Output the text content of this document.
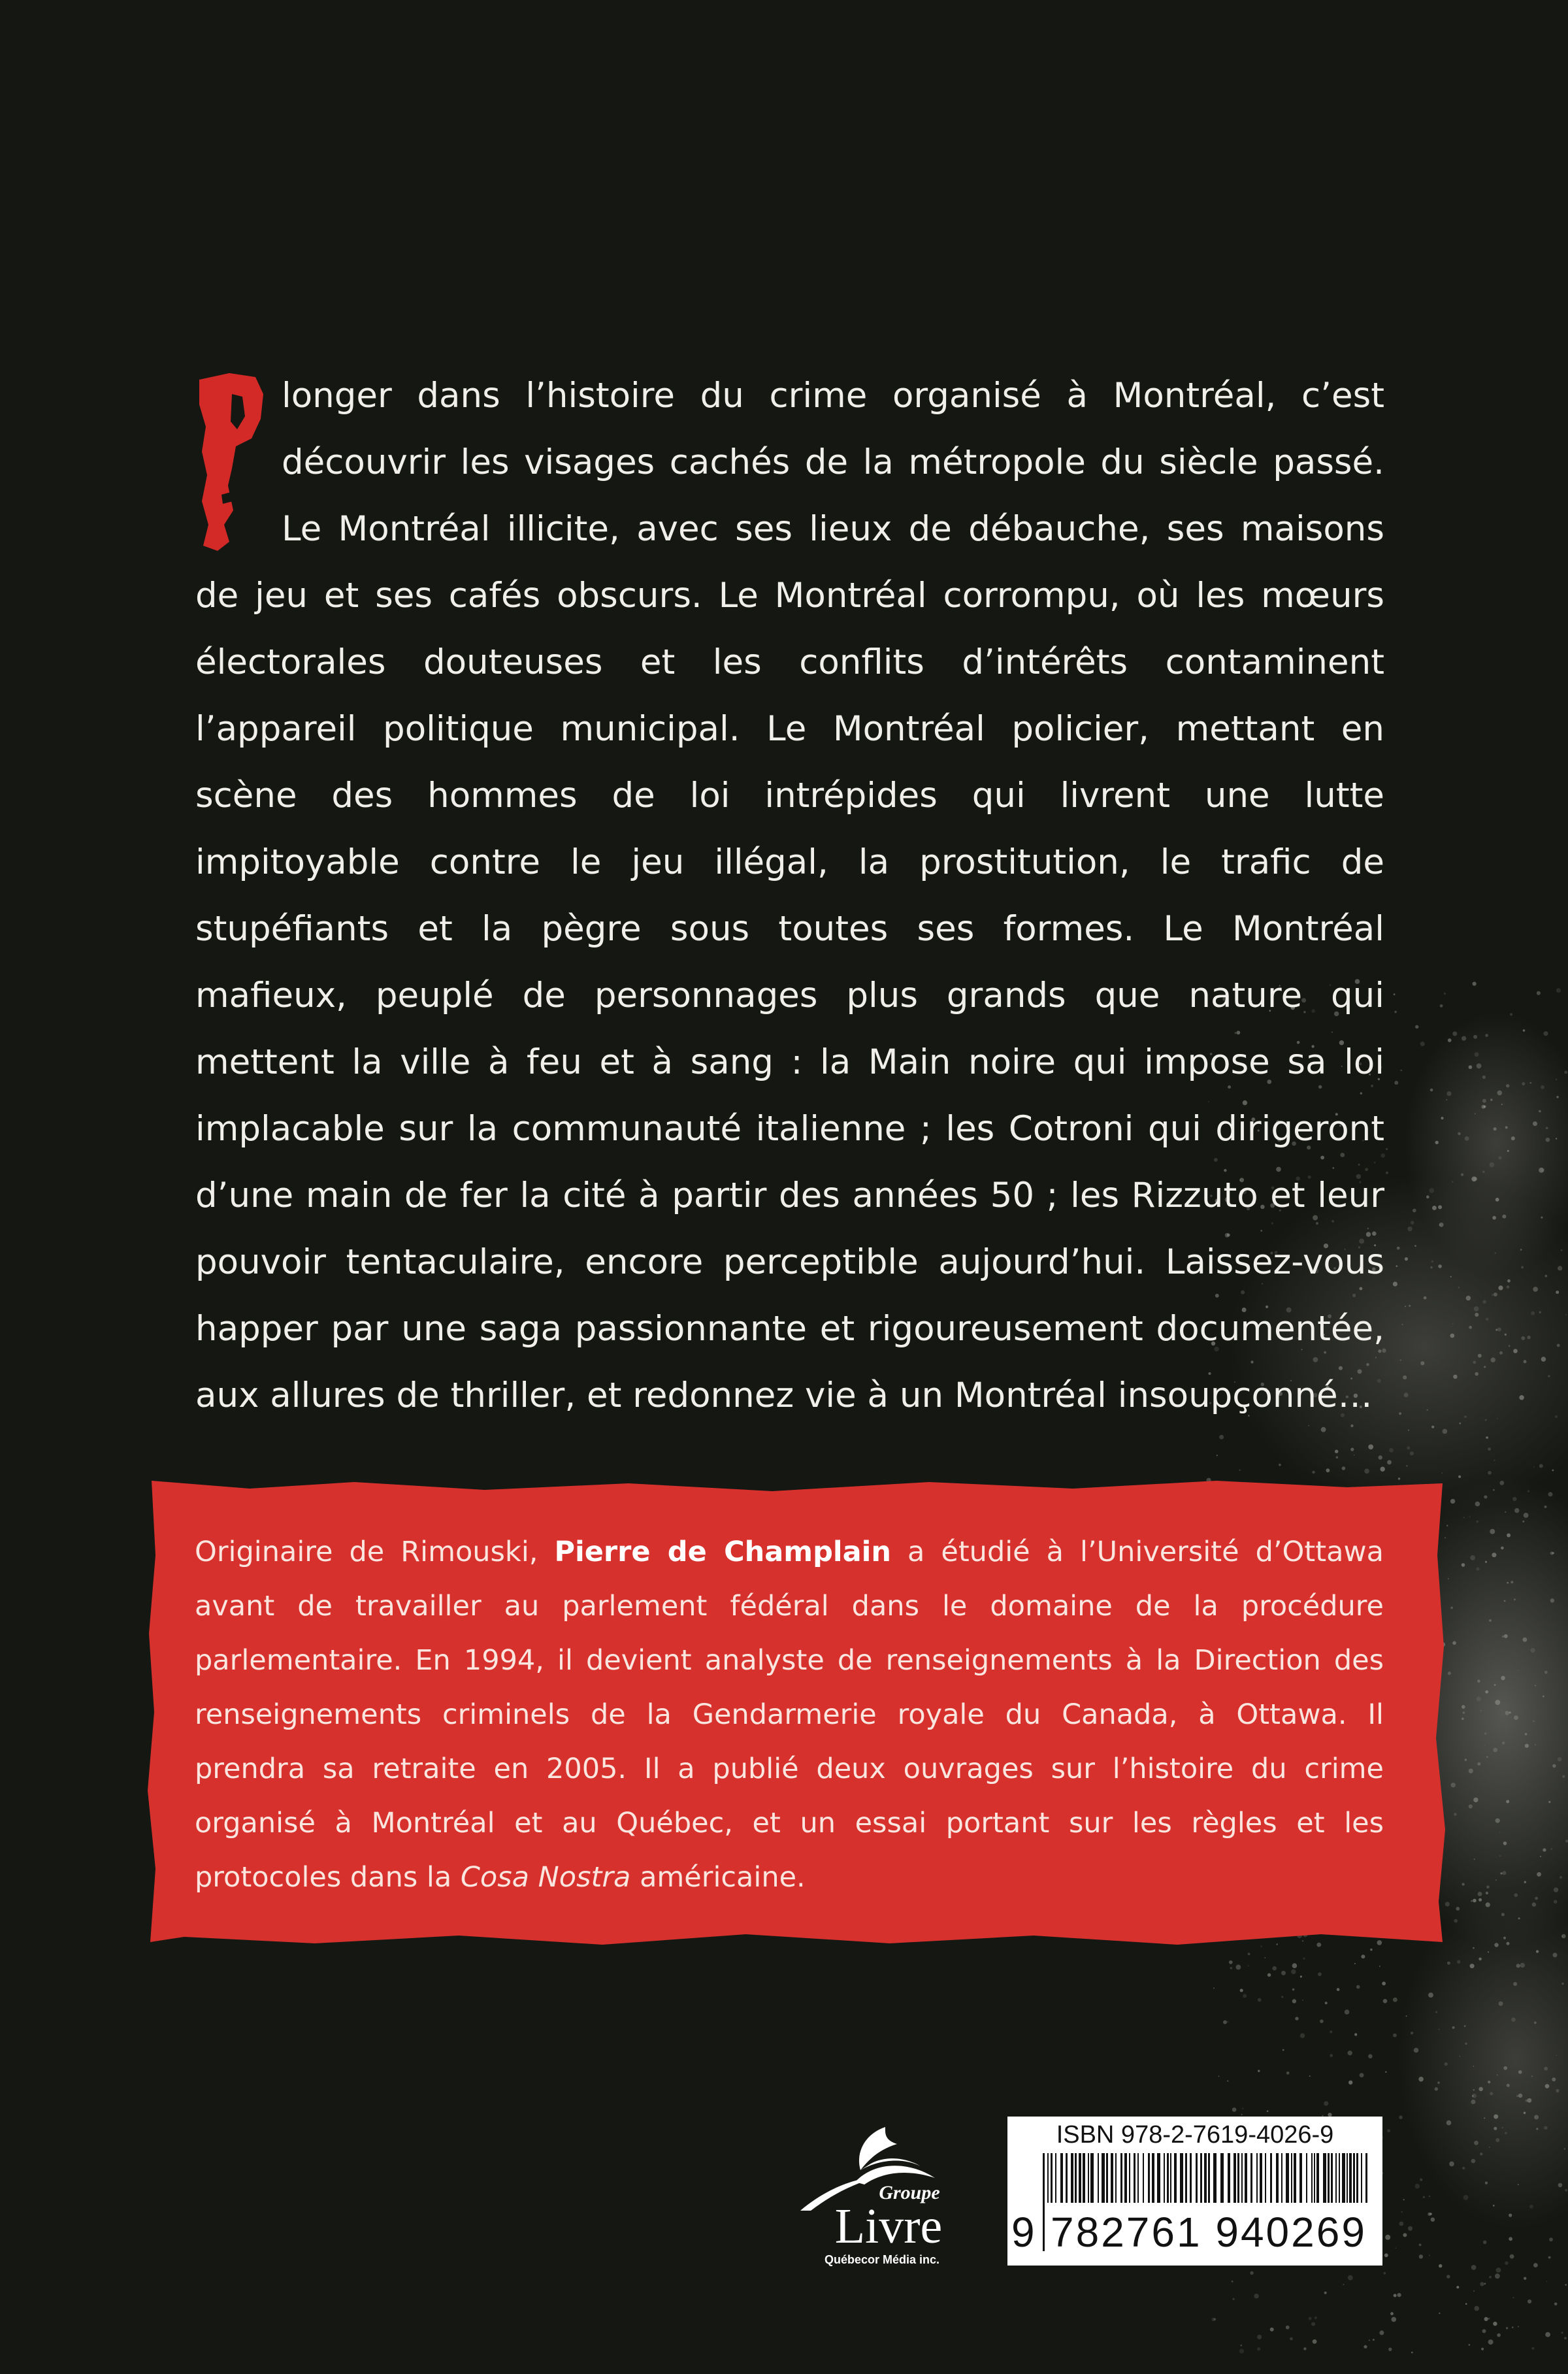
longer dans l’histoire du crime organisé à Montréal, c’est découvrir les visages cachés de la métropole du siècle passé. Le Montréal illicite, avec ses lieux de débauche, ses maisons de jeu et ses cafés obscurs. Le Montréal corrompu, où les mœurs électorales douteuses et les conflits d’intérêts contaminent l’appareil politique municipal. Le Montréal policier, mettant en scène des hommes de loi intrépides qui livrent une lutte impitoyable contre le jeu illégal, la prostitution, le trafic de stupéfiants et la pègre sous toutes ses formes. Le Montréal mafieux, peuplé de personnages plus grands que nature qui mettent la ville à feu et à sang : la Main noire qui impose sa loi implacable sur la communauté italienne ; les Cotroni qui dirigeront d’une main de fer la cité à partir des années 50 ; les Rizzuto et leur pouvoir tentaculaire, encore perceptible aujourd’hui. Laissez-vous happer par une saga passionnante et rigoureusement documentée, aux allures de thriller, et redonnez vie à un Montréal insoupçonné…

Originaire de Rimouski, Pierre de Champlain a étudié à l’Université d’Ottawa avant de travailler au parlement fédéral dans le domaine de la procédure parlementaire. En 1994, il devient analyste de renseignements à la Direction des renseignements criminels de la Gendarmerie royale du Canada, à Ottawa. Il prendra sa retraite en 2005. Il a publié deux ouvrages sur l’histoire du crime organisé à Montréal et au Québec, et un essai portant sur les règles et les protocoles dans la Cosa Nostra américaine.

Groupe
Livre
Québecor Média inc.
ISBN 978-2-7619-4026-9
9 782761 940269
